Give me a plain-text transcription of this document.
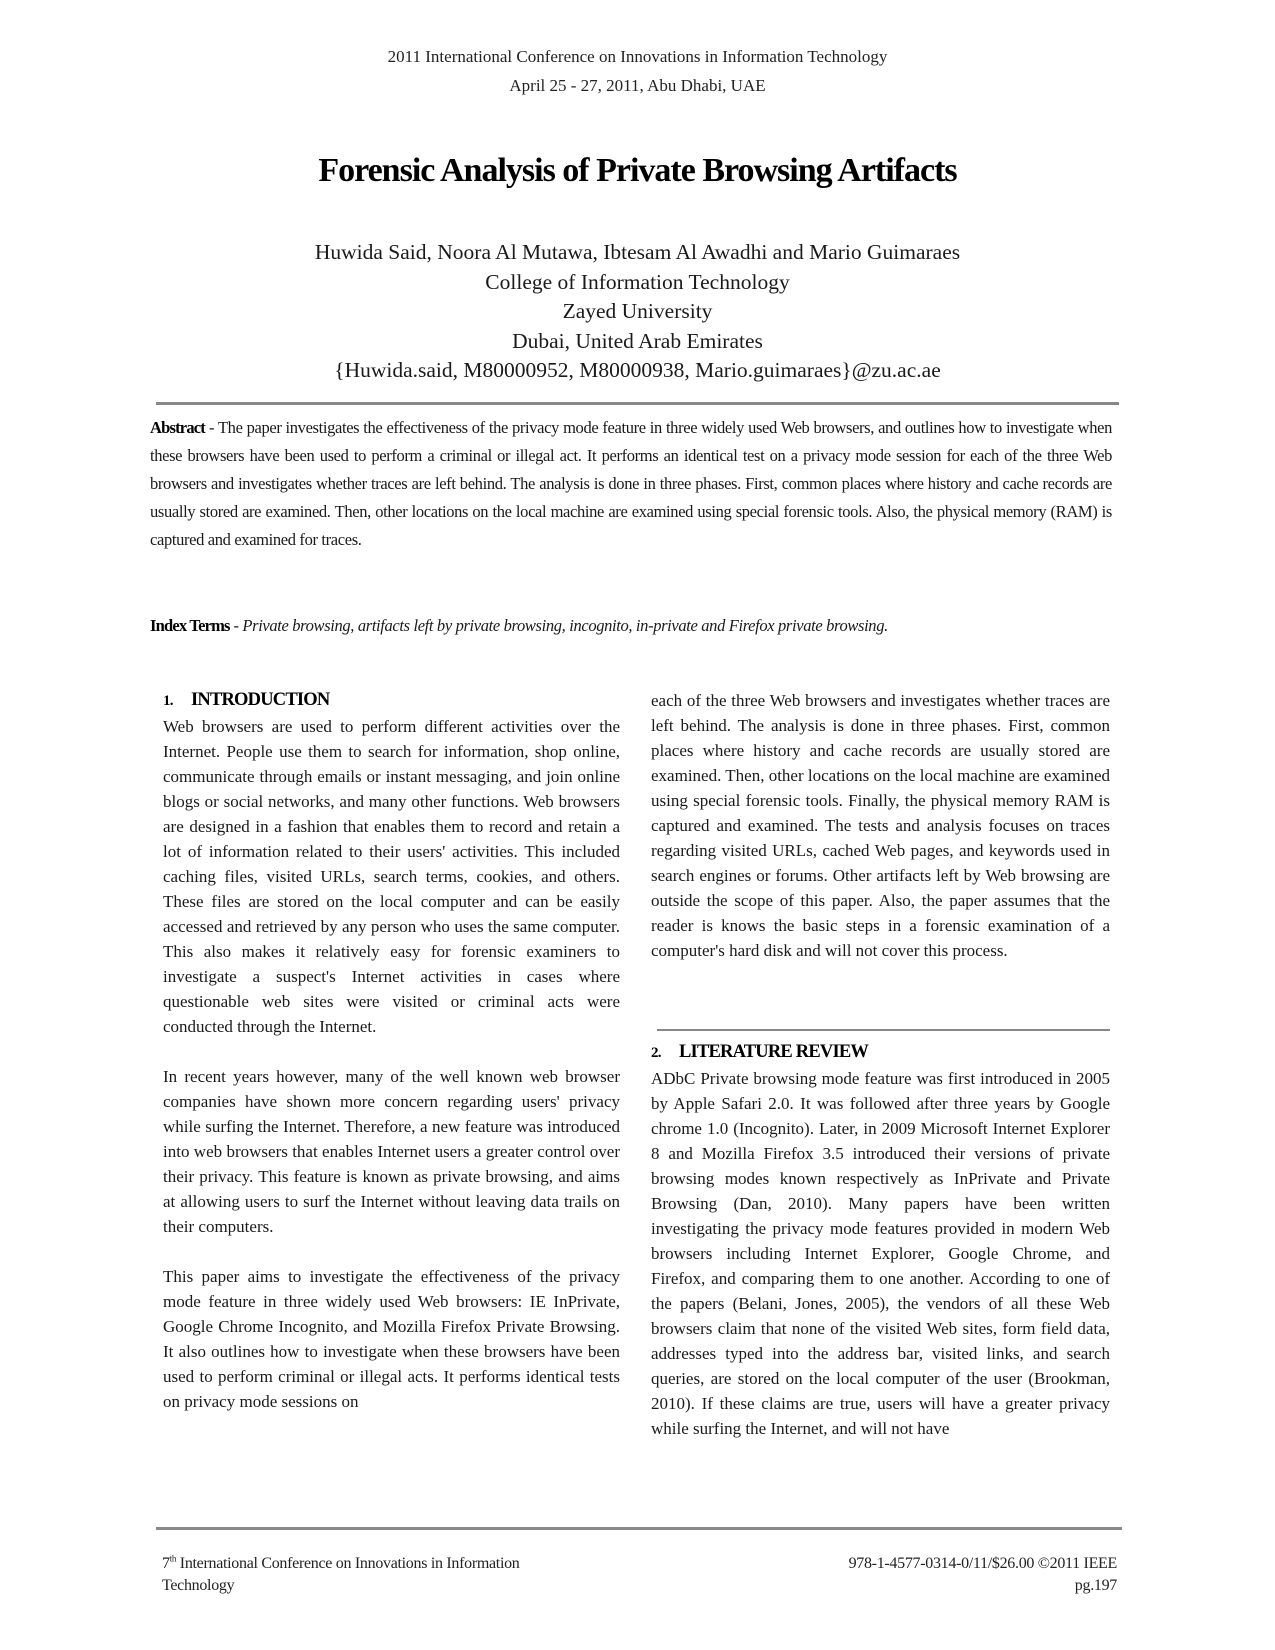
2011 International Conference on Innovations in Information Technology
April 25 - 27, 2011, Abu Dhabi, UAE
Forensic Analysis of Private Browsing Artifacts
Huwida Said, Noora Al Mutawa, Ibtesam Al Awadhi and Mario Guimaraes
College of Information Technology
Zayed University
Dubai, United Arab Emirates
{Huwida.said, M80000952, M80000938, Mario.guimaraes}@zu.ac.ae
Abstract - The paper investigates the effectiveness of the privacy mode feature in three widely used Web browsers, and outlines how to investigate when these browsers have been used to perform a criminal or illegal act. It performs an identical test on a privacy mode session for each of the three Web browsers and investigates whether traces are left behind. The analysis is done in three phases. First, common places where history and cache records are usually stored are examined. Then, other locations on the local machine are examined using special forensic tools. Also, the physical memory (RAM) is captured and examined for traces.
Index Terms - Private browsing, artifacts left by private browsing, incognito, in-private and Firefox private browsing.
1. INTRODUCTION

Web browsers are used to perform different activities over the Internet. People use them to search for information, shop online, communicate through emails or instant messaging, and join online blogs or social networks, and many other functions. Web browsers are designed in a fashion that enables them to record and retain a lot of information related to their users' activities. This included caching files, visited URLs, search terms, cookies, and others. These files are stored on the local computer and can be easily accessed and retrieved by any person who uses the same computer. This also makes it relatively easy for forensic examiners to investigate a suspect's Internet activities in cases where questionable web sites were visited or criminal acts were conducted through the Internet.

In recent years however, many of the well known web browser companies have shown more concern regarding users' privacy while surfing the Internet. Therefore, a new feature was introduced into web browsers that enables Internet users a greater control over their privacy. This feature is known as private browsing, and aims at allowing users to surf the Internet without leaving data trails on their computers.

This paper aims to investigate the effectiveness of the privacy mode feature in three widely used Web browsers: IE InPrivate, Google Chrome Incognito, and Mozilla Firefox Private Browsing. It also outlines how to investigate when these browsers have been used to perform criminal or illegal acts. It performs identical tests on privacy mode sessions on

each of the three Web browsers and investigates whether traces are left behind. The analysis is done in three phases. First, common places where history and cache records are usually stored are examined. Then, other locations on the local machine are examined using special forensic tools. Finally, the physical memory RAM is captured and examined. The tests and analysis focuses on traces regarding visited URLs, cached Web pages, and keywords used in search engines or forums. Other artifacts left by Web browsing are outside the scope of this paper. Also, the paper assumes that the reader is knows the basic steps in a forensic examination of a computer's hard disk and will not cover this process.

2. LITERATURE REVIEW

ADbC Private browsing mode feature was first introduced in 2005 by Apple Safari 2.0. It was followed after three years by Google chrome 1.0 (Incognito). Later, in 2009 Microsoft Internet Explorer 8 and Mozilla Firefox 3.5 introduced their versions of private browsing modes known respectively as InPrivate and Private Browsing (Dan, 2010). Many papers have been written investigating the privacy mode features provided in modern Web browsers including Internet Explorer, Google Chrome, and Firefox, and comparing them to one another. According to one of the papers (Belani, Jones, 2005), the vendors of all these Web browsers claim that none of the visited Web sites, form field data, addresses typed into the address bar, visited links, and search queries, are stored on the local computer of the user (Brookman, 2010). If these claims are true, users will have a greater privacy while surfing the Internet, and will not have

7th International Conference on Innovations in Information
Technology
978-1-4577-0314-0/11/$26.00 ©2011 IEEE
pg.197
